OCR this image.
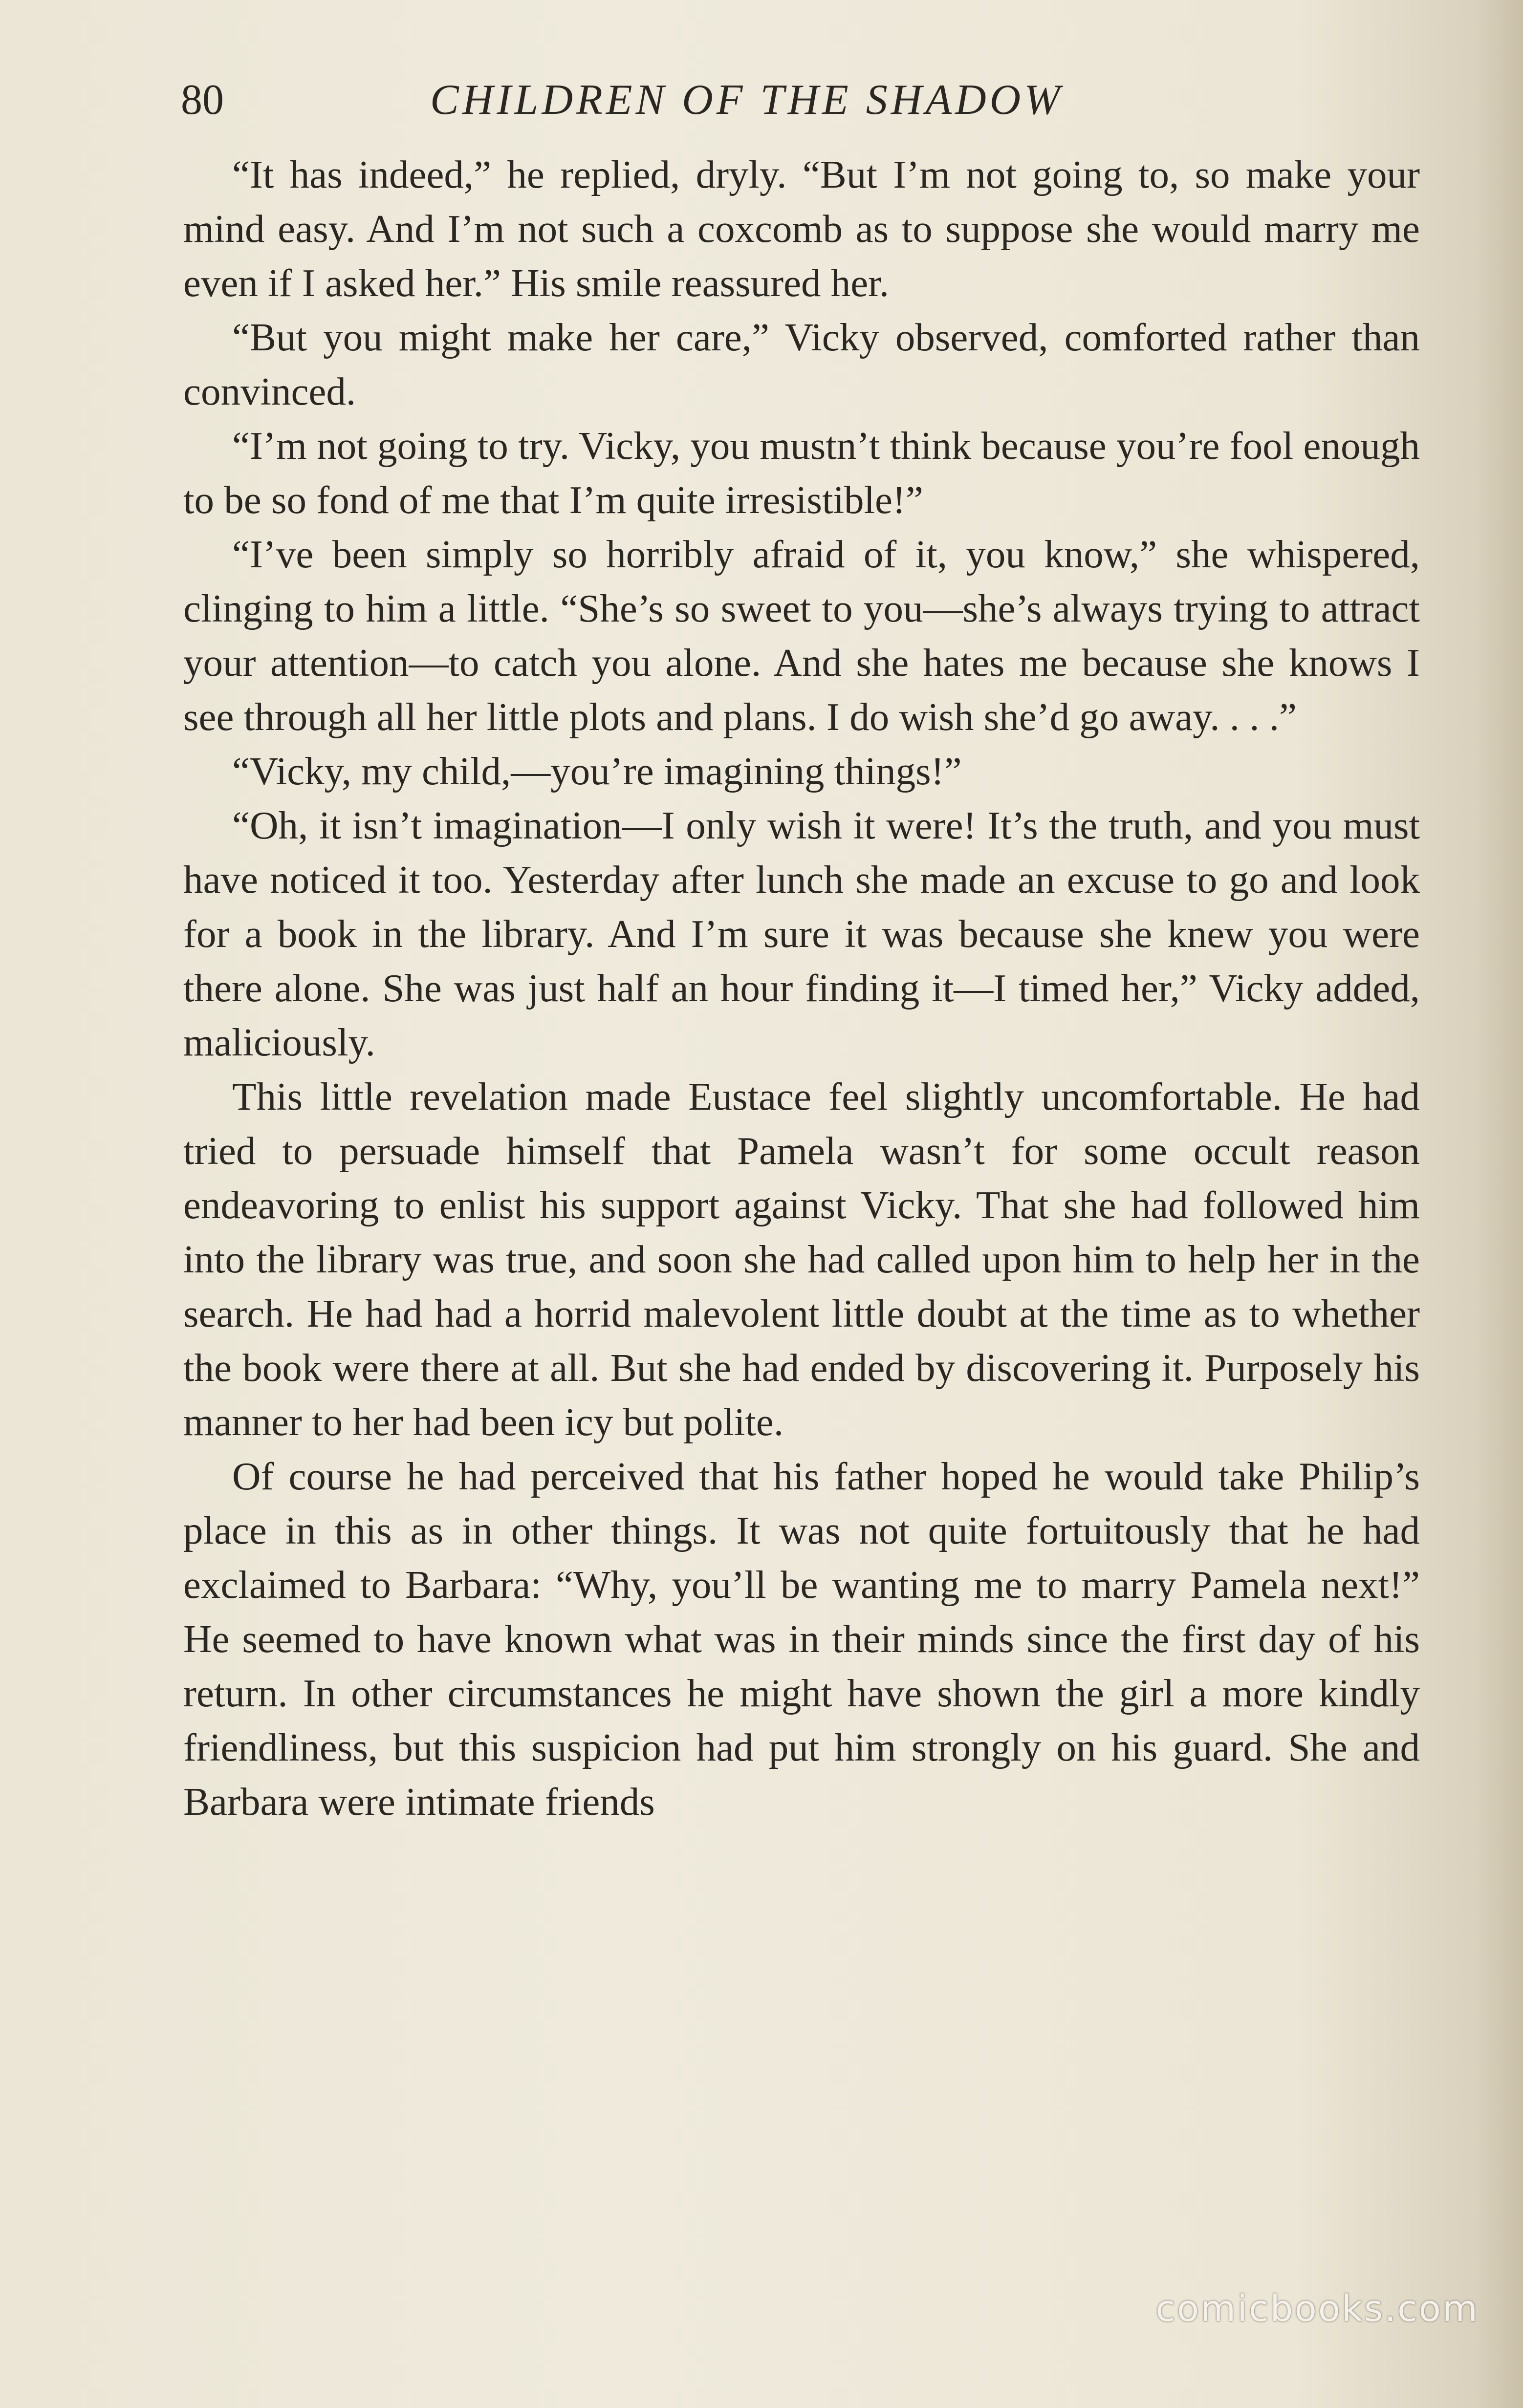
80	CHILDREN OF THE SHADOW

“It has indeed,” he replied, dryly. “But I’m not going to, so make your mind easy. And I’m not such a coxcomb as to suppose she would marry me even if I asked her.” His smile reassured her.

“But you might make her care,” Vicky observed, comforted rather than convinced.

“I’m not going to try. Vicky, you mustn’t think because you’re fool enough to be so fond of me that I’m quite irresistible!”

“I’ve been simply so horribly afraid of it, you know,” she whispered, clinging to him a little. “She’s so sweet to you—she’s always trying to attract your attention—to catch you alone. And she hates me because she knows I see through all her little plots and plans. I do wish she’d go away. . . .”

“Vicky, my child,—you’re imagining things!”

“Oh, it isn’t imagination—I only wish it were! It’s the truth, and you must have noticed it too. Yesterday after lunch she made an excuse to go and look for a book in the library. And I’m sure it was because she knew you were there alone. She was just half an hour finding it—I timed her,” Vicky added, maliciously.

This little revelation made Eustace feel slightly uncomfortable. He had tried to persuade himself that Pamela wasn’t for some occult reason endeavoring to enlist his support against Vicky. That she had followed him into the library was true, and soon she had called upon him to help her in the search. He had had a horrid malevolent little doubt at the time as to whether the book were there at all. But she had ended by discovering it. Purposely his manner to her had been icy but polite.

Of course he had perceived that his father hoped he would take Philip’s place in this as in other things. It was not quite fortuitously that he had exclaimed to Barbara: “Why, you’ll be wanting me to marry Pamela next!” He seemed to have known what was in their minds since the first day of his return. In other circumstances he might have shown the girl a more kindly friendliness, but this suspicion had put him strongly on his guard. She and Barbara were intimate friends

comicbooks.com
